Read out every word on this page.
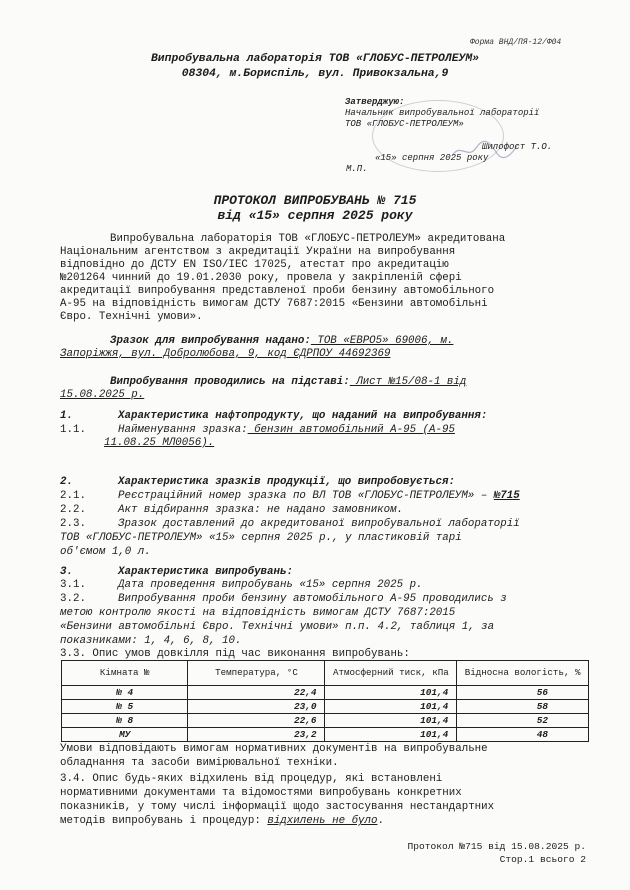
Форма ВНД/ПЯ-12/Ф04
Випробувальна лабораторія ТОВ «ГЛОБУС-ПЕТРОЛЕУМ»
08304, м.Бориспіль, вул. Привокзальна,9
Затверджую:
Начальник випробувальної лабораторії
ТОВ «ГЛОБУС-ПЕТРОЛЕУМ»
Шилофост Т.О.
«15» серпня 2025 року
М.П.
ПРОТОКОЛ ВИПРОБУВАНЬ № 715
від «15» серпня 2025 року
Випробувальна лабораторія ТОВ «ГЛОБУС-ПЕТРОЛЕУМ» акредитована
Національним агентством з акредитації України на випробування
відповідно до ДСТУ EN ISO/IEC 17025, атестат про акредитацію
№201264 чинний до 19.01.2030 року, провела у закріпленій сфері
акредитації випробування представленої проби бензину автомобільного
А-95 на відповідність вимогам ДСТУ 7687:2015 «Бензини автомобільні
Євро. Технічні умови».
Зразок для випробування надано: ТОВ «ЕВРО5» 69006, м.
Запоріжжя, вул. Добролюбова, 9, код ЄДРПОУ 44692369
Випробування проводились на підставі: Лист №15/08-1 від
15.08.2025 р.
1.	Характеристика нафтопродукту, що наданий на випробування:
1.1.	Найменування зразка: бензин автомобільний А-95 (А-95
11.08.25 МЛ0056).
2.	Характеристика зразків продукції, що випробовується:
2.1.	Реєстраційний номер зразка по ВЛ ТОВ «ГЛОБУС-ПЕТРОЛЕУМ» – №715
2.2.	Акт відбирання зразка: не надано замовником.
2.3.	Зразок доставлений до акредитованої випробувальної лабораторії
ТОВ «ГЛОБУС-ПЕТРОЛЕУМ» «15» серпня 2025 р., у пластиковій тарі
об'ємом 1,0 л.
3.	Характеристика випробувань:
3.1.	Дата проведення випробувань «15» серпня 2025 р.
3.2.	Випробування проби бензину автомобільного А-95 проводились з
метою контролю якості на відповідність вимогам ДСТУ 7687:2015
«Бензини автомобільні Євро. Технічні умови» п.п. 4.2, таблиця 1, за
показниками: 1, 4, 6, 8, 10.
3.3. Опис умов довкілля під час виконання випробувань:
Кімната №	Температура, °С	Атмосферний тиск, кПа	Відносна вологість, %
№ 4	22,4	101,4	56
№ 5	23,0	101,4	58
№ 8	22,6	101,4	52
МУ	23,2	101,4	48
Умови відповідають вимогам нормативних документів на випробувальне
обладнання та засоби вимірювальної техніки.
3.4. Опис будь-яких відхилень від процедур, які встановлені
нормативними документами та відомостями випробувань конкретних
показників, у тому числі інформації щодо застосування нестандартних
методів випробувань і процедур: відхилень не було.
Протокол №715 від 15.08.2025 р.
Стор.1 всього 2
